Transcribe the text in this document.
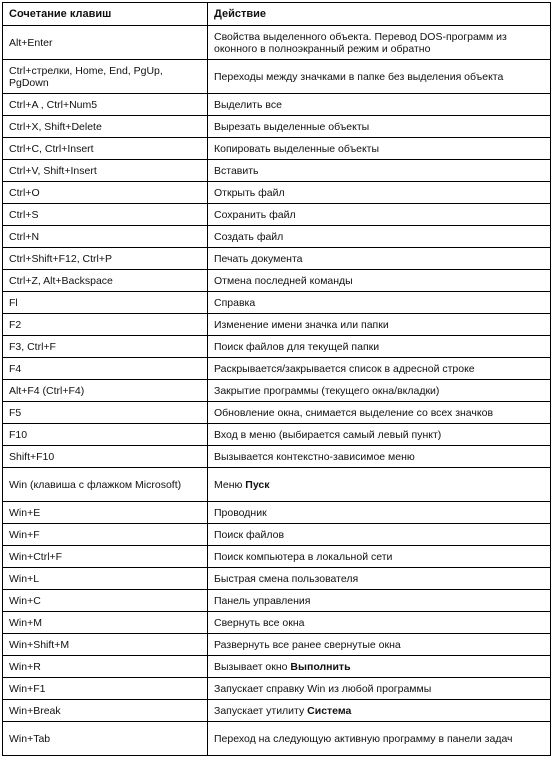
Сочетание клавиш	Действие
Alt+Enter	Свойства выделенного объекта. Перевод DOS-программ из оконного в полноэкранный режим и обратно
Ctrl+стрелки, Home, End, PgUp, PgDown	Переходы между значками в папке без выделения объекта
Ctrl+A , Ctrl+Num5	Выделить все
Ctrl+X, Shift+Delete	Вырезать выделенные объекты
Ctrl+C, Ctrl+Insert	Копировать выделенные объекты
Ctrl+V, Shift+Insert	Вставить
Ctrl+O	Открыть файл
Ctrl+S	Сохранить файл
Ctrl+N	Создать файл
Ctrl+Shift+F12, Ctrl+P	Печать документа
Ctrl+Z, Alt+Backspace	Отмена последней команды
Fl	Справка
F2	Изменение имени значка или папки
F3, Ctrl+F	Поиск файлов для текущей папки
F4	Раскрывается/закрывается список в адресной строке
Alt+F4 (Ctrl+F4)	Закрытие программы (текущего окна/вкладки)
F5	Обновление окна, снимается выделение со всех значков
F10	Вход в меню (выбирается самый левый пункт)
Shift+F10	Вызывается контекстно-зависимое меню
Win (клавиша с флажком Microsoft)	Меню Пуск
Win+E	Проводник
Win+F	Поиск файлов
Win+Ctrl+F	Поиск компьютера в локальной сети
Win+L	Быстрая смена пользователя
Win+C	Панель управления
Win+M	Свернуть все окна
Win+Shift+M	Развернуть все ранее свернутые окна
Win+R	Вызывает окно Выполнить
Win+F1	Запускает справку Win из любой программы
Win+Break	Запускает утилиту Система
Win+Tab	Переход на следующую активную программу в панели задач
